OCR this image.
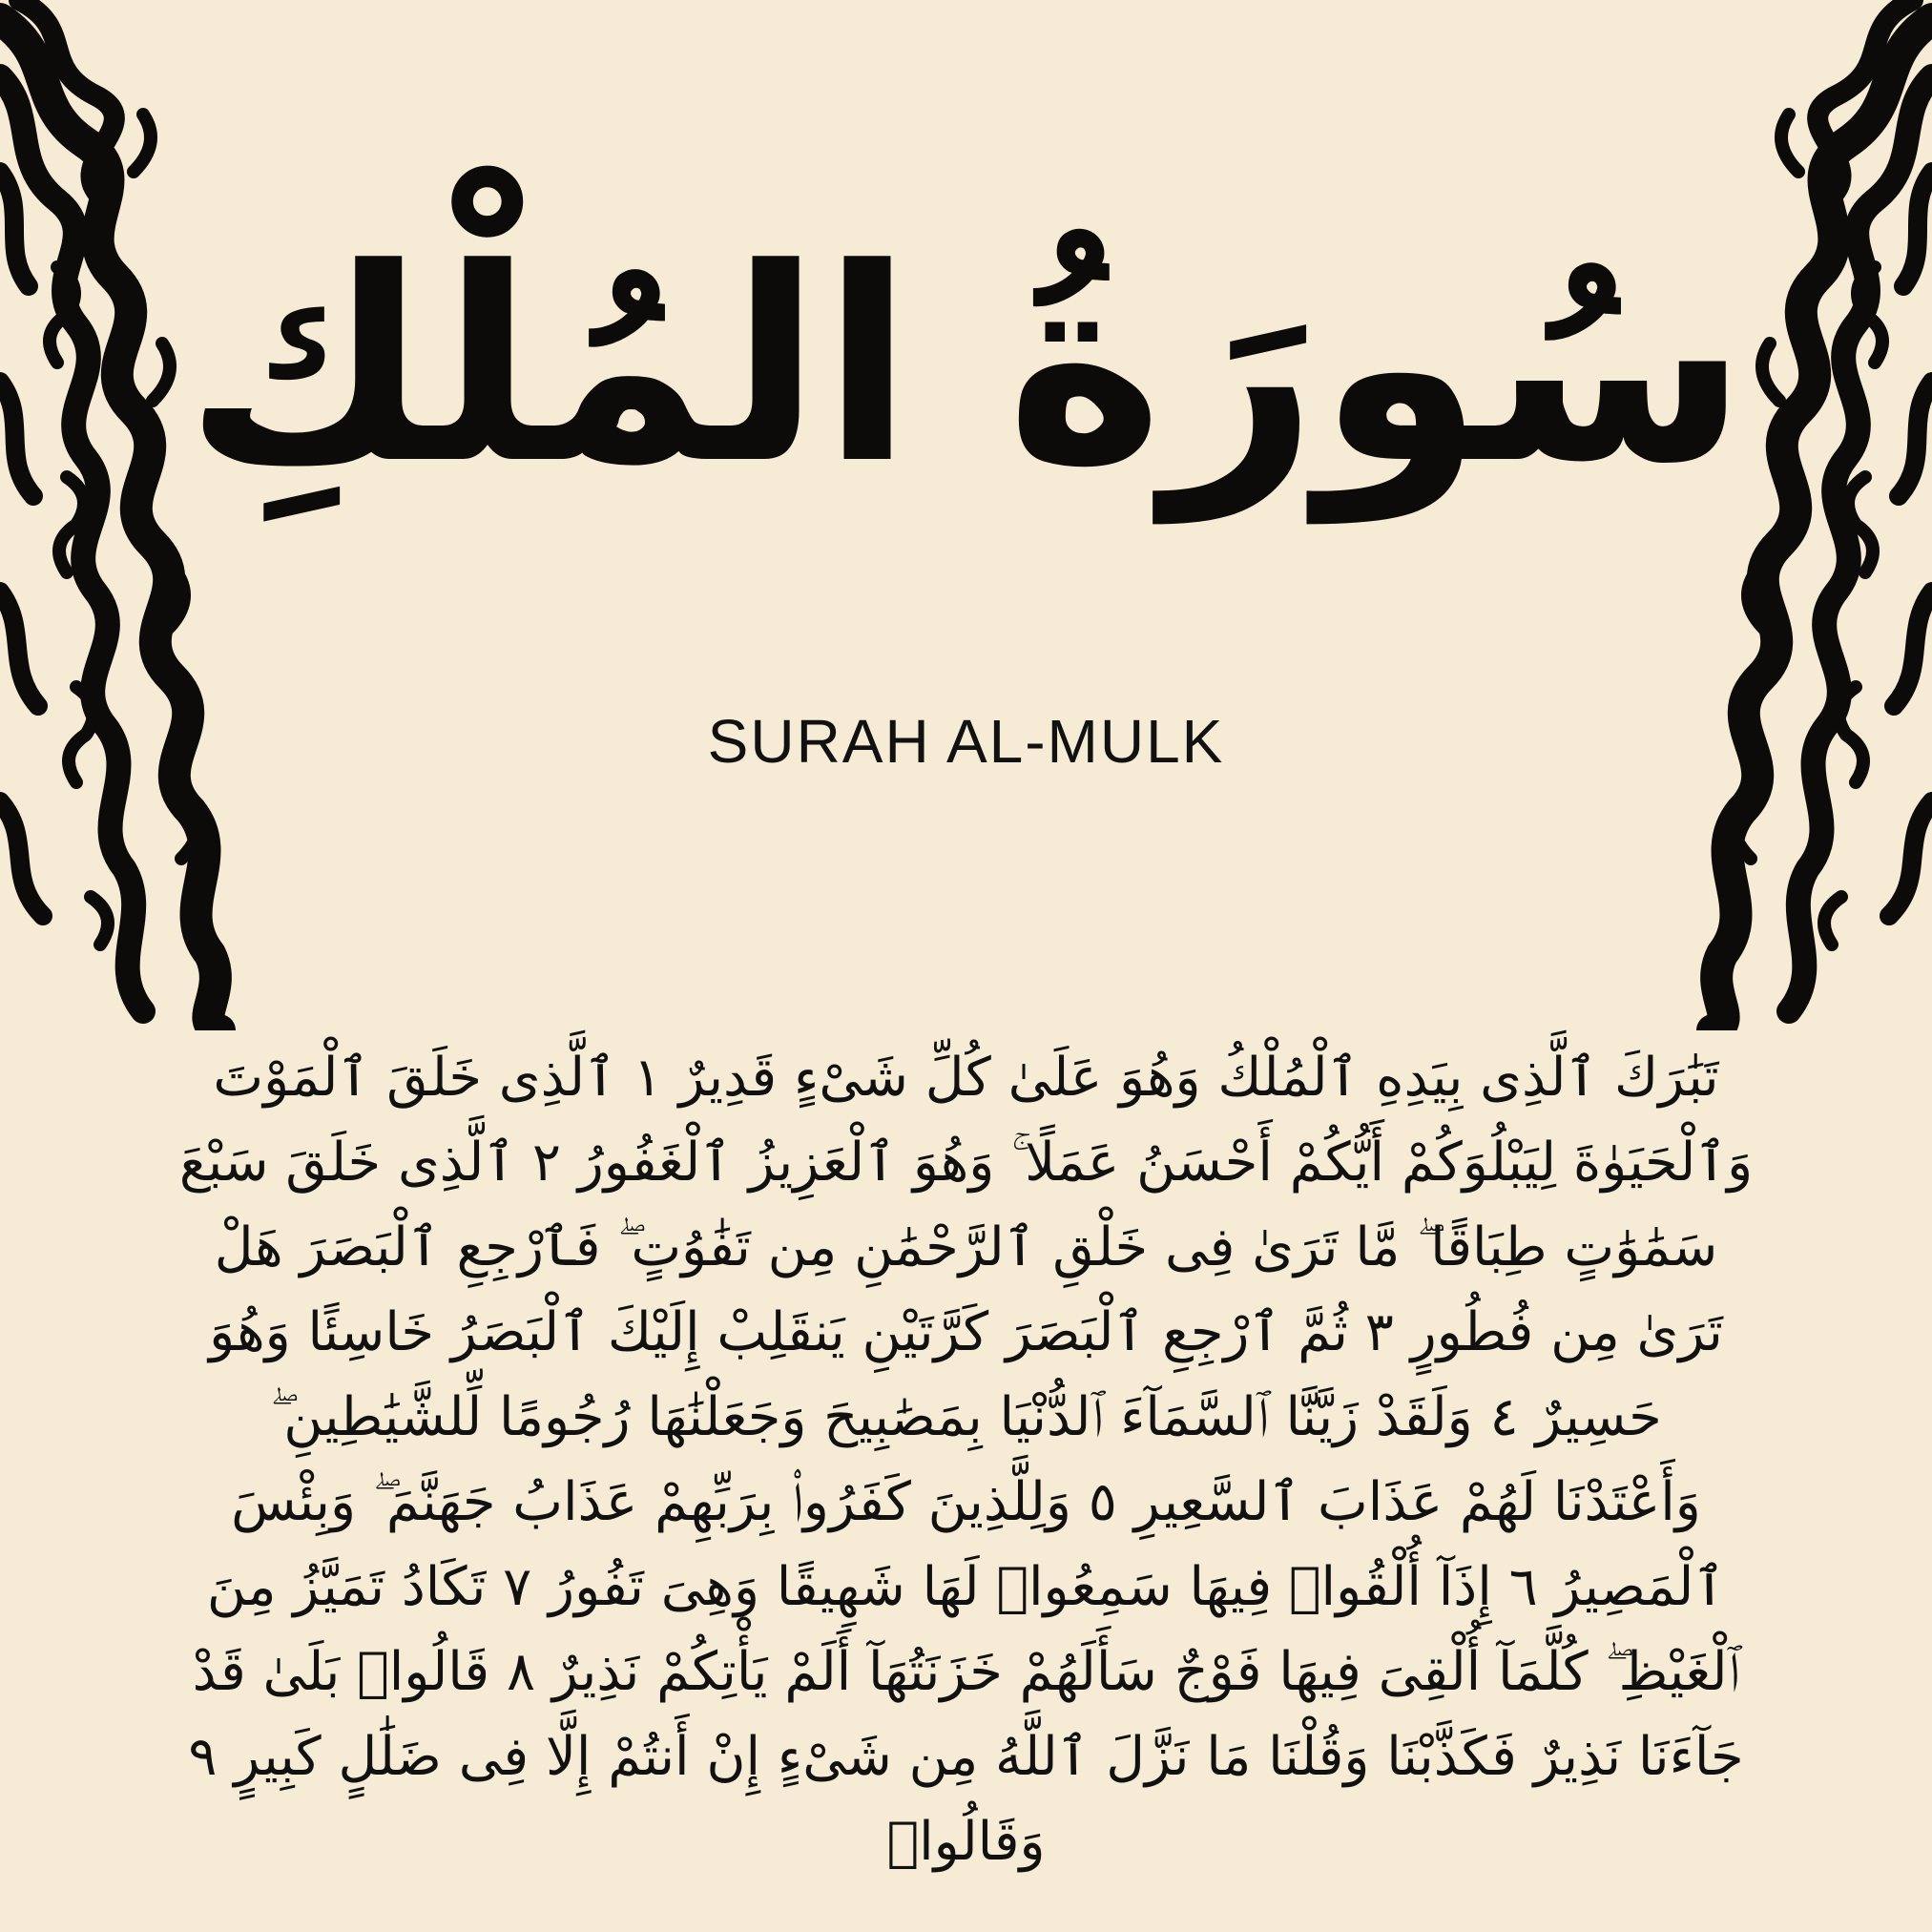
سُورَةُ المُلْكِ
SURAH AL-MULK
تَبَٰرَكَ ٱلَّذِى بِيَدِهِ ٱلْمُلْكُ وَهُوَ عَلَىٰ كُلِّ شَىْءٍ قَدِيرٌ ١ ٱلَّذِى خَلَقَ ٱلْمَوْتَ
وَٱلْحَيَوٰةَ لِيَبْلُوَكُمْ أَيُّكُمْ أَحْسَنُ عَمَلًا ۚ وَهُوَ ٱلْعَزِيزُ ٱلْغَفُورُ ٢ ٱلَّذِى خَلَقَ سَبْعَ
سَمَٰوَٰتٍ طِبَاقًا ۖ مَّا تَرَىٰ فِى خَلْقِ ٱلرَّحْمَٰنِ مِن تَفَٰوُتٍ ۖ فَٱرْجِعِ ٱلْبَصَرَ هَلْ
تَرَىٰ مِن فُطُورٍ ٣ ثُمَّ ٱرْجِعِ ٱلْبَصَرَ كَرَّتَيْنِ يَنقَلِبْ إِلَيْكَ ٱلْبَصَرُ خَاسِئًا وَهُوَ
حَسِيرٌ ٤ وَلَقَدْ زَيَّنَّا ٱلسَّمَآءَ ٱلدُّنْيَا بِمَصَٰبِيحَ وَجَعَلْنَٰهَا رُجُومًا لِّلشَّيَٰطِينِ ۖ
وَأَعْتَدْنَا لَهُمْ عَذَابَ ٱلسَّعِيرِ ٥ وَلِلَّذِينَ كَفَرُوا۟ بِرَبِّهِمْ عَذَابُ جَهَنَّمَ ۖ وَبِئْسَ
ٱلْمَصِيرُ ٦ إِذَآ أُلْقُوا۟ فِيهَا سَمِعُوا۟ لَهَا شَهِيقًا وَهِىَ تَفُورُ ٧ تَكَادُ تَمَيَّزُ مِنَ
ٱلْغَيْظِ ۖ كُلَّمَآ أُلْقِىَ فِيهَا فَوْجٌ سَأَلَهُمْ خَزَنَتُهَآ أَلَمْ يَأْتِكُمْ نَذِيرٌ ٨ قَالُوا۟ بَلَىٰ قَدْ
جَآءَنَا نَذِيرٌ فَكَذَّبْنَا وَقُلْنَا مَا نَزَّلَ ٱللَّهُ مِن شَىْءٍ إِنْ أَنتُمْ إِلَّا فِى ضَلَٰلٍ كَبِيرٍ ٩
وَقَالُوا۟
